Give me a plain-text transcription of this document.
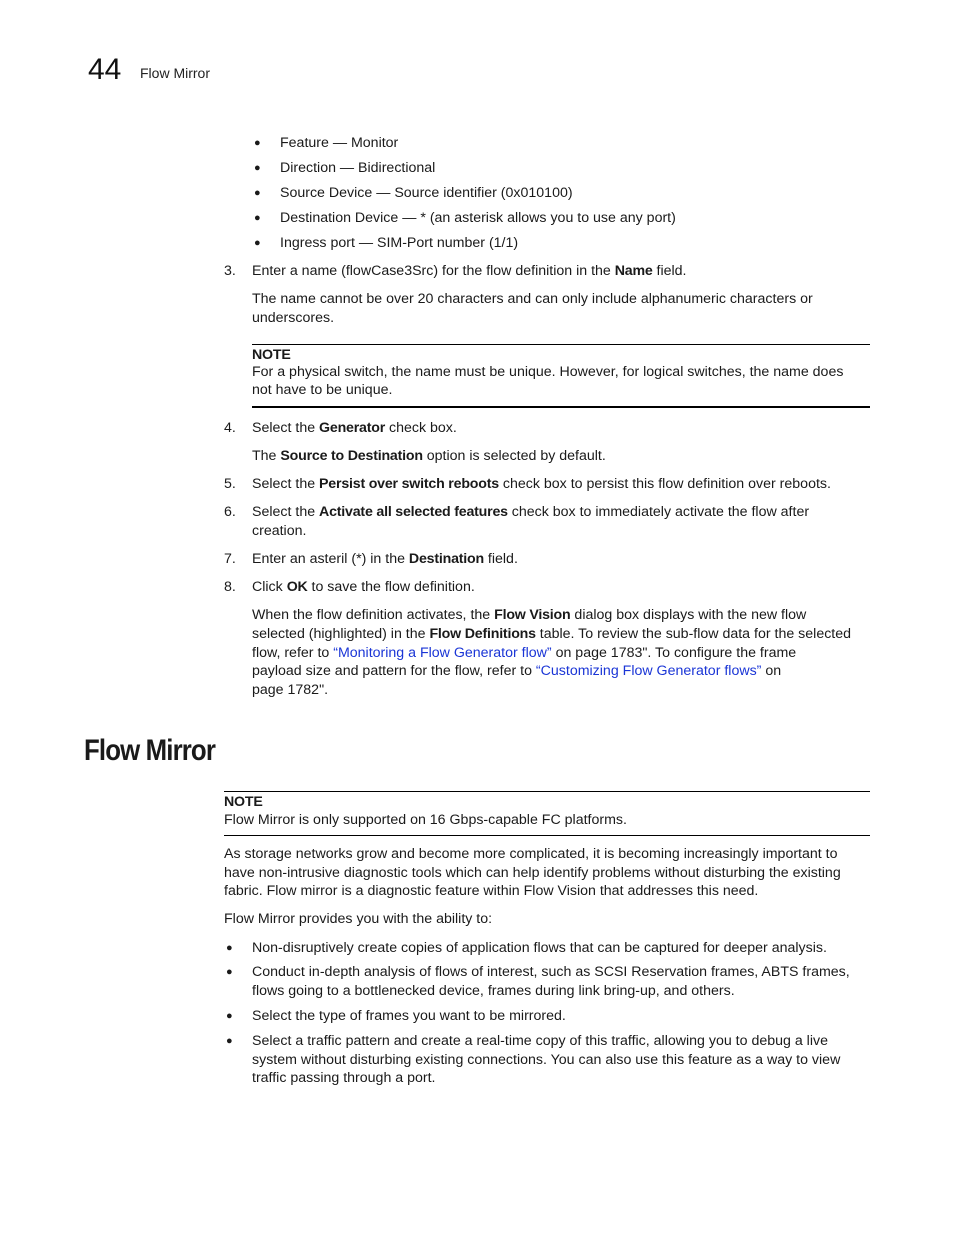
44 Flow Mirror
● Feature — Monitor
● Direction — Bidirectional
● Source Device — Source identifier (0x010100)
● Destination Device — * (an asterisk allows you to use any port)
● Ingress port — SIM-Port number (1/1)
3. Enter a name (flowCase3Src) for the flow definition in the Name field.
The name cannot be over 20 characters and can only include alphanumeric characters or
underscores.
NOTE
For a physical switch, the name must be unique. However, for logical switches, the name does
not have to be unique.
4. Select the Generator check box.
The Source to Destination option is selected by default.
5. Select the Persist over switch reboots check box to persist this flow definition over reboots.
6. Select the Activate all selected features check box to immediately activate the flow after
creation.
7. Enter an asteril (*) in the Destination field.
8. Click OK to save the flow definition.
When the flow definition activates, the Flow Vision dialog box displays with the new flow
selected (highlighted) in the Flow Definitions table. To review the sub-flow data for the selected
flow, refer to “Monitoring a Flow Generator flow” on page 1783". To configure the frame
payload size and pattern for the flow, refer to “Customizing Flow Generator flows” on
page 1782".
Flow Mirror
NOTE
Flow Mirror is only supported on 16 Gbps-capable FC platforms.
As storage networks grow and become more complicated, it is becoming increasingly important to
have non-intrusive diagnostic tools which can help identify problems without disturbing the existing
fabric. Flow mirror is a diagnostic feature within Flow Vision that addresses this need.
Flow Mirror provides you with the ability to:
● Non-disruptively create copies of application flows that can be captured for deeper analysis.
● Conduct in-depth analysis of flows of interest, such as SCSI Reservation frames, ABTS frames,
flows going to a bottlenecked device, frames during link bring-up, and others.
● Select the type of frames you want to be mirrored.
● Select a traffic pattern and create a real-time copy of this traffic, allowing you to debug a live
system without disturbing existing connections. You can also use this feature as a way to view
traffic passing through a port.
